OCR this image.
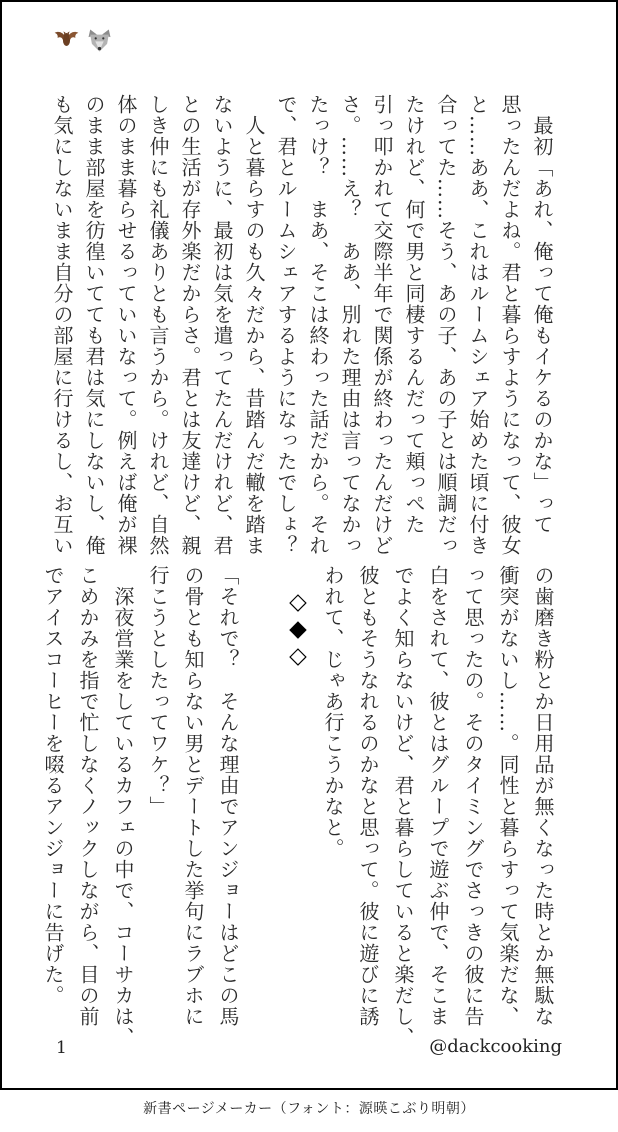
　最初「あれ、俺って俺もイケるのかな」って
思ったんだよね。君と暮らすようになって、彼女
と……ああ、これはルームシェア始めた頃に付き
合ってた……そう、あの子、あの子とは順調だっ
たけれど、何で男と同棲するんだって頬っぺた
引っ叩かれて交際半年で関係が終わったんだけど
さ。……え？　ああ、別れた理由は言ってなかっ
たっけ？　まあ、そこは終わった話だから。それ
で、君とルームシェアするようになったでしょ？
　人と暮らすのも久々だから、昔踏んだ轍を踏ま
ないように、最初は気を遣ってたんだけれど、君
との生活が存外楽だからさ。君とは友達けど、親
しき仲にも礼儀ありとも言うから。けれど、自然
体のまま暮らせるっていいなって。例えば俺が裸
のまま部屋を彷徨いてても君は気にしないし、俺
も気にしないまま自分の部屋に行けるし、お互い
の歯磨き粉とか日用品が無くなった時とか無駄な
衝突がないし……。同性と暮らすって気楽だな、
って思ったの。そのタイミングでさっきの彼に告
白をされて、彼とはグループで遊ぶ仲で、そこま
でよく知らないけど、君と暮らしていると楽だし、
彼ともそうなれるのかなと思って。彼に遊びに誘
われて、じゃあ行こうかなと。
◇◆◇
「それで？　そんな理由でアンジョーはどこの馬
の骨とも知らない男とデートした挙句にラブホに
行こうとしたってワケ？」
　深夜営業をしているカフェの中で、コーサカは、
こめかみを指で忙しなくノックしながら、目の前
でアイスコーヒーを啜るアンジョーに告げた。
1	@dackcooking
新書ページメーカー（フォント：源暎こぶり明朝）
